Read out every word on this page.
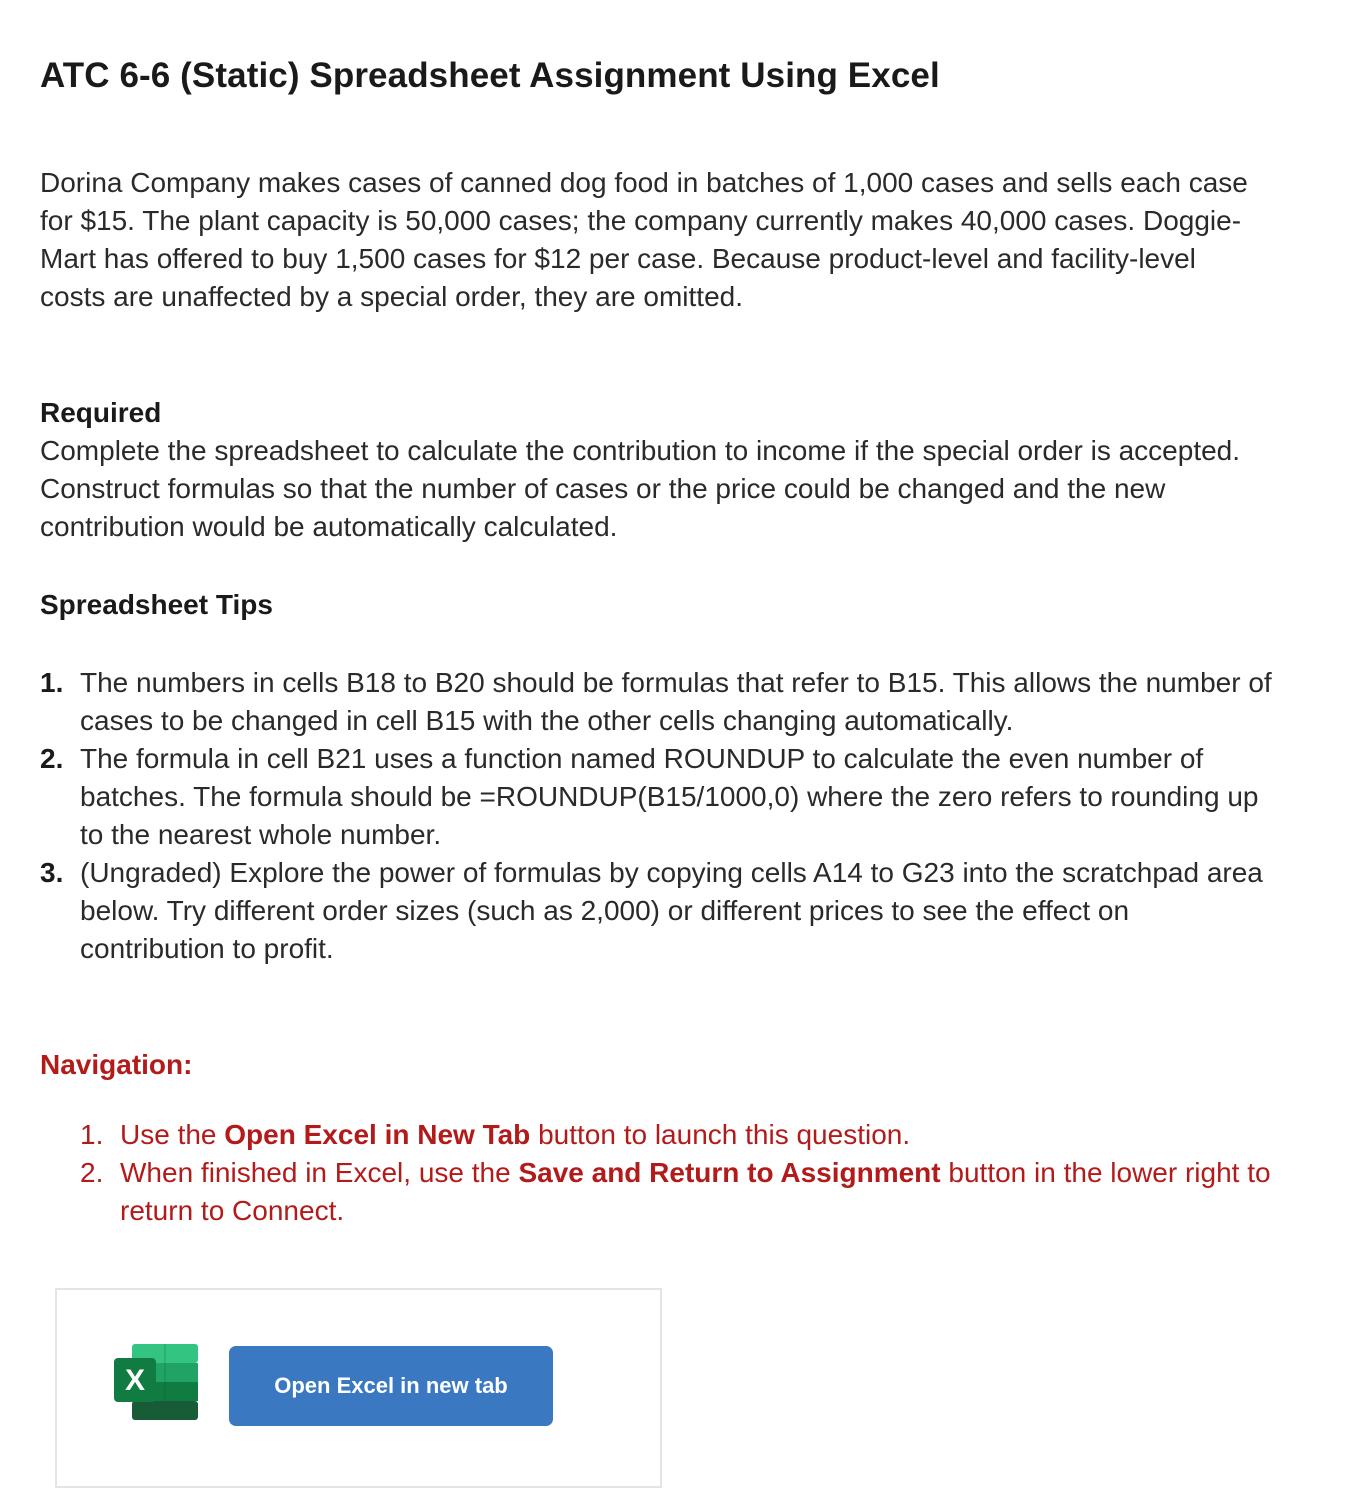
ATC 6-6 (Static) Spreadsheet Assignment Using Excel

Dorina Company makes cases of canned dog food in batches of 1,000 cases and sells each case for $15. The plant capacity is 50,000 cases; the company currently makes 40,000 cases. Doggie-Mart has offered to buy 1,500 cases for $12 per case. Because product-level and facility-level costs are unaffected by a special order, they are omitted.

Required

Complete the spreadsheet to calculate the contribution to income if the special order is accepted. Construct formulas so that the number of cases or the price could be changed and the new contribution would be automatically calculated.

Spreadsheet Tips
1. The numbers in cells B18 to B20 should be formulas that refer to B15. This allows the number of cases to be changed in cell B15 with the other cells changing automatically.
2. The formula in cell B21 uses a function named ROUNDUP to calculate the even number of batches. The formula should be =ROUNDUP(B15/1000,0) where the zero refers to rounding up to the nearest whole number.
3. (Ungraded) Explore the power of formulas by copying cells A14 to G23 into the scratchpad area below. Try different order sizes (such as 2,000) or different prices to see the effect on contribution to profit.
Navigation:
1. Use the Open Excel in New Tab button to launch this question.
2. When finished in Excel, use the Save and Return to Assignment button in the lower right to return to Connect.
X	Open Excel in new tab
